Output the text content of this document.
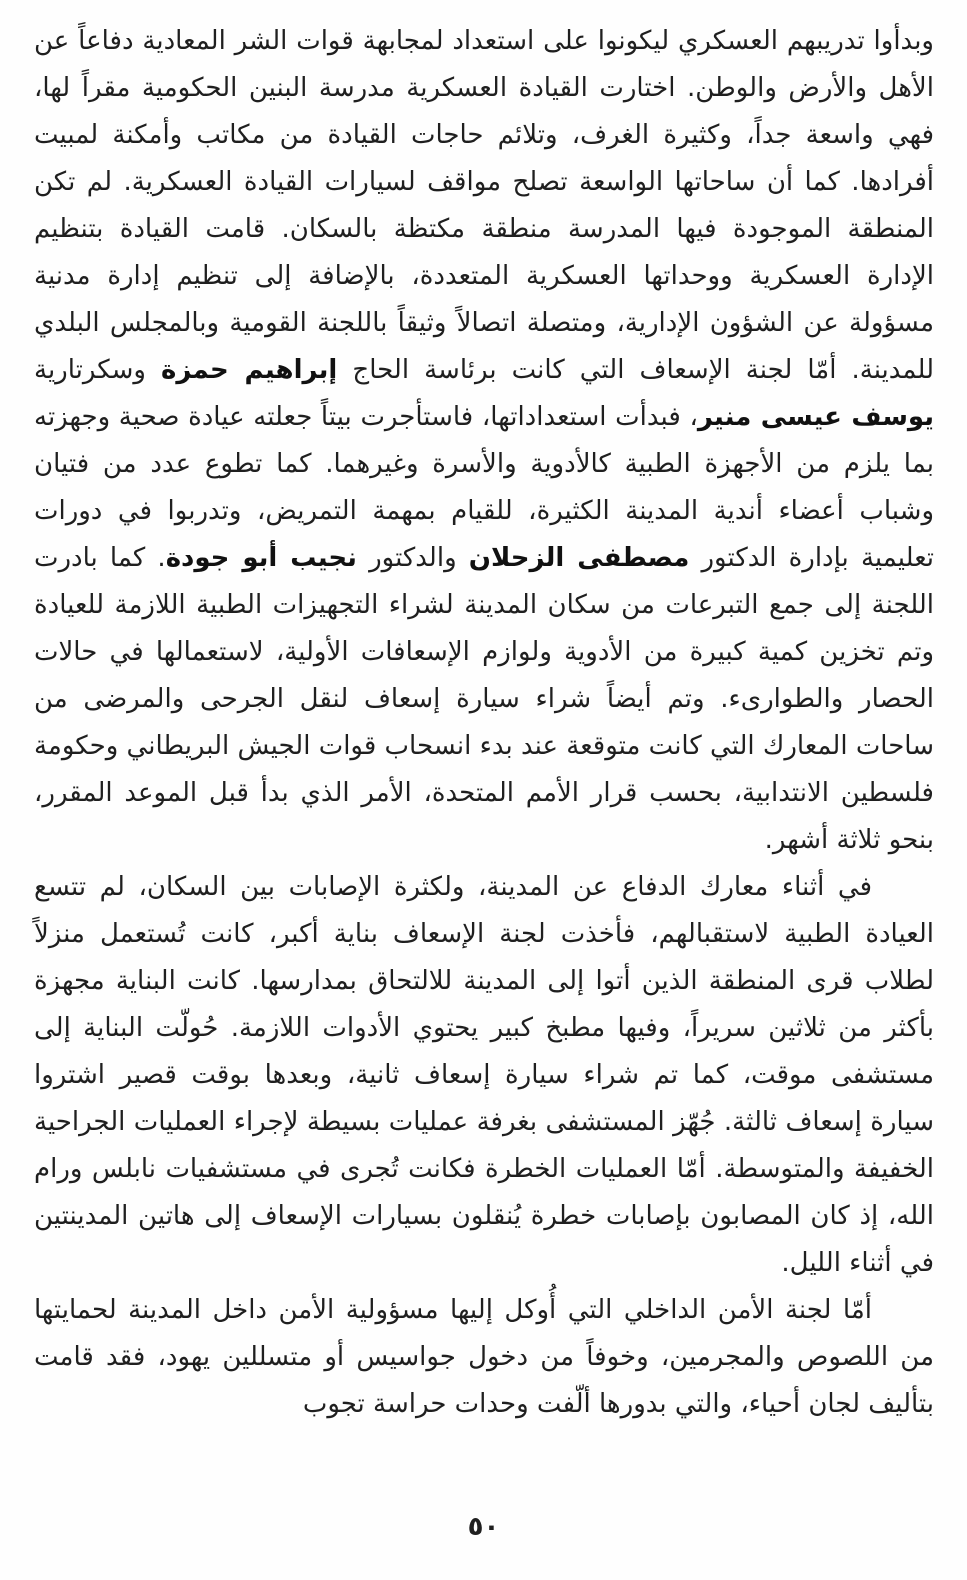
وبدأوا تدريبهم العسكري ليكونوا على استعداد لمجابهة قوات الشر المعادية دفاعاً عن الأهل والأرض والوطن. اختارت القيادة العسكرية مدرسة البنين الحكومية مقراً لها، فهي واسعة جداً، وكثيرة الغرف، وتلائم حاجات القيادة من مكاتب وأمكنة لمبيت أفرادها. كما أن ساحاتها الواسعة تصلح مواقف لسيارات القيادة العسكرية. لم تكن المنطقة الموجودة فيها المدرسة منطقة مكتظة بالسكان. قامت القيادة بتنظيم الإدارة العسكرية ووحداتها العسكرية المتعددة، بالإضافة إلى تنظيم إدارة مدنية مسؤولة عن الشؤون الإدارية، ومتصلة اتصالاً وثيقاً باللجنة القومية وبالمجلس البلدي للمدينة. أمّا لجنة الإسعاف التي كانت برئاسة الحاج إبراهيم حمزة وسكرتارية يوسف عيسى منير، فبدأت استعداداتها، فاستأجرت بيتاً جعلته عيادة صحية وجهزته بما يلزم من الأجهزة الطبية كالأدوية والأسرة وغيرهما. كما تطوع عدد من فتيان وشباب أعضاء أندية المدينة الكثيرة، للقيام بمهمة التمريض، وتدربوا في دورات تعليمية بإدارة الدكتور مصطفى الزحلان والدكتور نجيب أبو جودة. كما بادرت اللجنة إلى جمع التبرعات من سكان المدينة لشراء التجهيزات الطبية اللازمة للعيادة وتم تخزين كمية كبيرة من الأدوية ولوازم الإسعافات الأولية، لاستعمالها في حالات الحصار والطوارىء. وتم أيضاً شراء سيارة إسعاف لنقل الجرحى والمرضى من ساحات المعارك التي كانت متوقعة عند بدء انسحاب قوات الجيش البريطاني وحكومة فلسطين الانتدابية، بحسب قرار الأمم المتحدة، الأمر الذي بدأ قبل الموعد المقرر، بنحو ثلاثة أشهر.

في أثناء معارك الدفاع عن المدينة، ولكثرة الإصابات بين السكان، لم تتسع العيادة الطبية لاستقبالهم، فأخذت لجنة الإسعاف بناية أكبر، كانت تُستعمل منزلاً لطلاب قرى المنطقة الذين أتوا إلى المدينة للالتحاق بمدارسها. كانت البناية مجهزة بأكثر من ثلاثين سريراً، وفيها مطبخ كبير يحتوي الأدوات اللازمة. حُولّت البناية إلى مستشفى موقت، كما تم شراء سيارة إسعاف ثانية، وبعدها بوقت قصير اشتروا سيارة إسعاف ثالثة. جُهّز المستشفى بغرفة عمليات بسيطة لإجراء العمليات الجراحية الخفيفة والمتوسطة. أمّا العمليات الخطرة فكانت تُجرى في مستشفيات نابلس ورام الله، إذ كان المصابون بإصابات خطرة يُنقلون بسيارات الإسعاف إلى هاتين المدينتين في أثناء الليل.

أمّا لجنة الأمن الداخلي التي أُوكل إليها مسؤولية الأمن داخل المدينة لحمايتها من اللصوص والمجرمين، وخوفاً من دخول جواسيس أو متسللين يهود، فقد قامت بتأليف لجان أحياء، والتي بدورها ألّفت وحدات حراسة تجوب

٥٠
